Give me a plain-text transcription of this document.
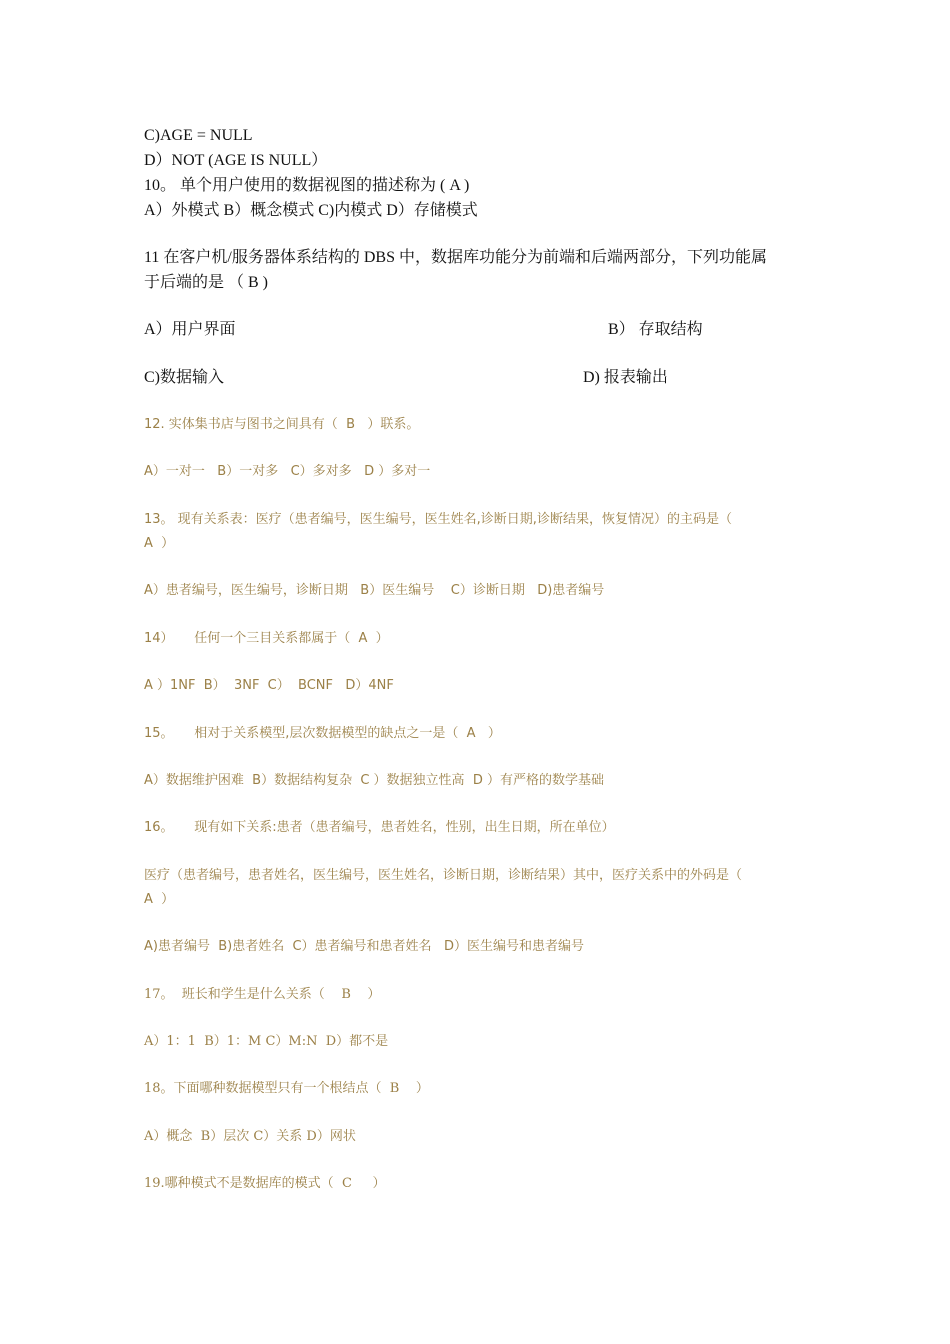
C)AGE = NULL
D）NOT (AGE IS NULL）
10。 单个用户使用的数据视图的描述称为 ( A )
A）外模式 B）概念模式 C)内模式 D）存储模式
11 在客户机/服务器体系结构的 DBS 中，数据库功能分为前端和后端两部分，下列功能属
于后端的是 （ B )
A）用户界面	B） 存取结构
C)数据输入	D) 报表输出
12. 实体集书店与图书之间具有（  B   ）联系。
A）一对一   B）一对多   C）多对多   D ）多对一
13。 现有关系表：医疗（患者编号，医生编号，医生姓名,诊断日期,诊断结果，恢复情况）的主码是（
A  ）
A）患者编号，医生编号，诊断日期   B）医生编号    C）诊断日期   D)患者编号
14）     任何一个三目关系都属于（  A  ）
A ）1NF  B）  3NF  C）  BCNF   D）4NF
15。     相对于关系模型,层次数据模型的缺点之一是（  A   ）
A）数据维护困难  B）数据结构复杂  C ）数据独立性高  D ）有严格的数学基础
16。     现有如下关系:患者（患者编号，患者姓名，性别，出生日期，所在单位）
医疗（患者编号，患者姓名，医生编号，医生姓名，诊断日期，诊断结果）其中，医疗关系中的外码是（
A  ）
A)患者编号  B)患者姓名  C）患者编号和患者姓名   D）医生编号和患者编号
17。  班长和学生是什么关系（    B    ）
A）1：1  B）1：M C）M:N  D）都不是
18。下面哪种数据模型只有一个根结点（  B    ）
A）概念  B）层次 C）关系 D）网状
19.哪种模式不是数据库的模式（  C     ）
